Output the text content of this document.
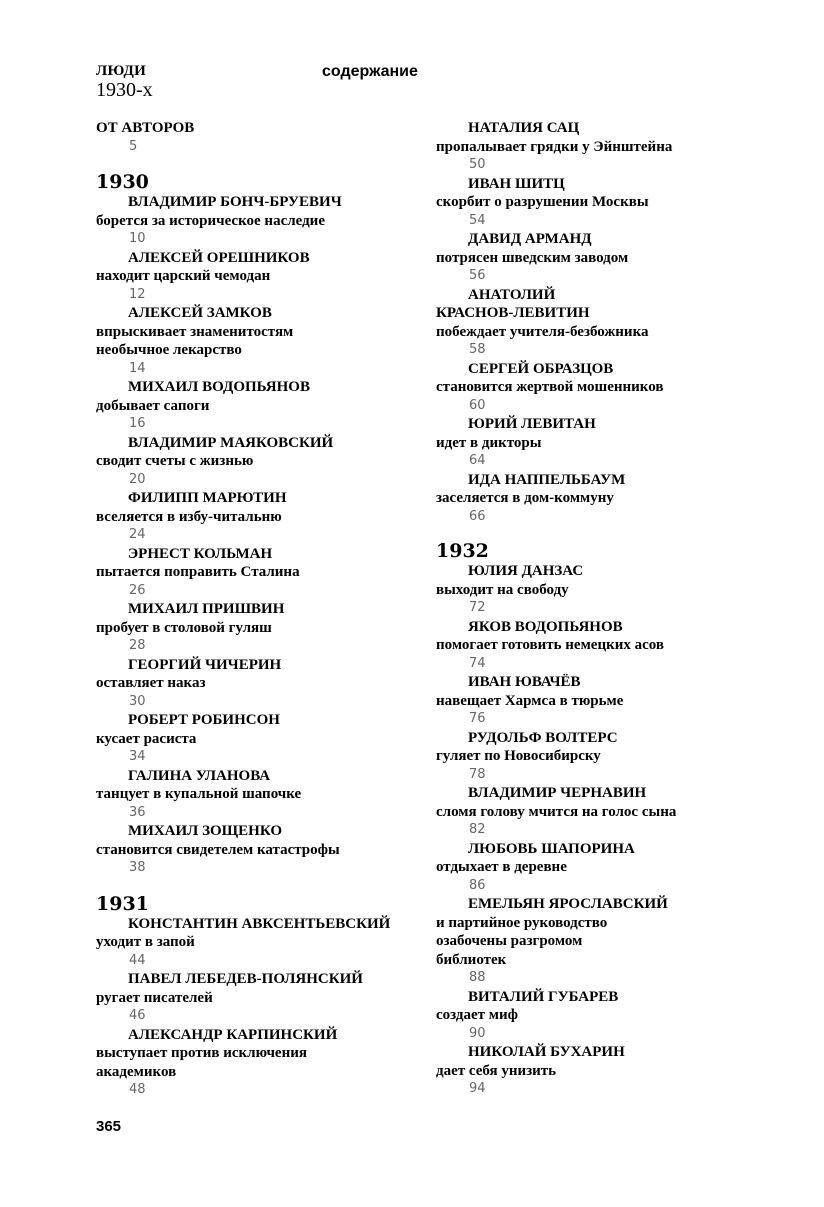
ЛЮДИ
1930-х
содержание
ОТ АВТОРОВ
5
1930
ВЛАДИМИР БОНЧ-БРУЕВИЧ
борется за историческое наследие
10
АЛЕКСЕЙ ОРЕШНИКОВ
находит царский чемодан
12
АЛЕКСЕЙ ЗАМКОВ
впрыскивает знаменитостям
необычное лекарство
14
МИХАИЛ ВОДОПЬЯНОВ
добывает сапоги
16
ВЛАДИМИР МАЯКОВСКИЙ
сводит счеты с жизнью
20
ФИЛИПП МАРЮТИН
вселяется в избу-читальню
24
ЭРНЕСТ КОЛЬМАН
пытается поправить Сталина
26
МИХАИЛ ПРИШВИН
пробует в столовой гуляш
28
ГЕОРГИЙ ЧИЧЕРИН
оставляет наказ
30
РОБЕРТ РОБИНСОН
кусает расиста
34
ГАЛИНА УЛАНОВА
танцует в купальной шапочке
36
МИХАИЛ ЗОЩЕНКО
становится свидетелем катастрофы
38
1931
КОНСТАНТИН АВКСЕНТЬЕВСКИЙ
уходит в запой
44
ПАВЕЛ ЛЕБЕДЕВ-ПОЛЯНСКИЙ
ругает писателей
46
АЛЕКСАНДР КАРПИНСКИЙ
выступает против исключения
академиков
48
НАТАЛИЯ САЦ
пропалывает грядки у Эйнштейна
50
ИВАН ШИТЦ
скорбит о разрушении Москвы
54
ДАВИД АРМАНД
потрясен шведским заводом
56
АНАТОЛИЙ
КРАСНОВ-ЛЕВИТИН
побеждает учителя-безбожника
58
СЕРГЕЙ ОБРАЗЦОВ
становится жертвой мошенников
60
ЮРИЙ ЛЕВИТАН
идет в дикторы
64
ИДА НАППЕЛЬБАУМ
заселяется в дом-коммуну
66
1932
ЮЛИЯ ДАНЗАС
выходит на свободу
72
ЯКОВ ВОДОПЬЯНОВ
помогает готовить немецких асов
74
ИВАН ЮВАЧЁВ
навещает Хармса в тюрьме
76
РУДОЛЬФ ВОЛТЕРС
гуляет по Новосибирску
78
ВЛАДИМИР ЧЕРНАВИН
сломя голову мчится на голос сына
82
ЛЮБОВЬ ШАПОРИНА
отдыхает в деревне
86
ЕМЕЛЬЯН ЯРОСЛАВСКИЙ
и партийное руководство
озабочены разгромом
библиотек
88
ВИТАЛИЙ ГУБАРЕВ
создает миф
90
НИКОЛАЙ БУХАРИН
дает себя унизить
94
365
